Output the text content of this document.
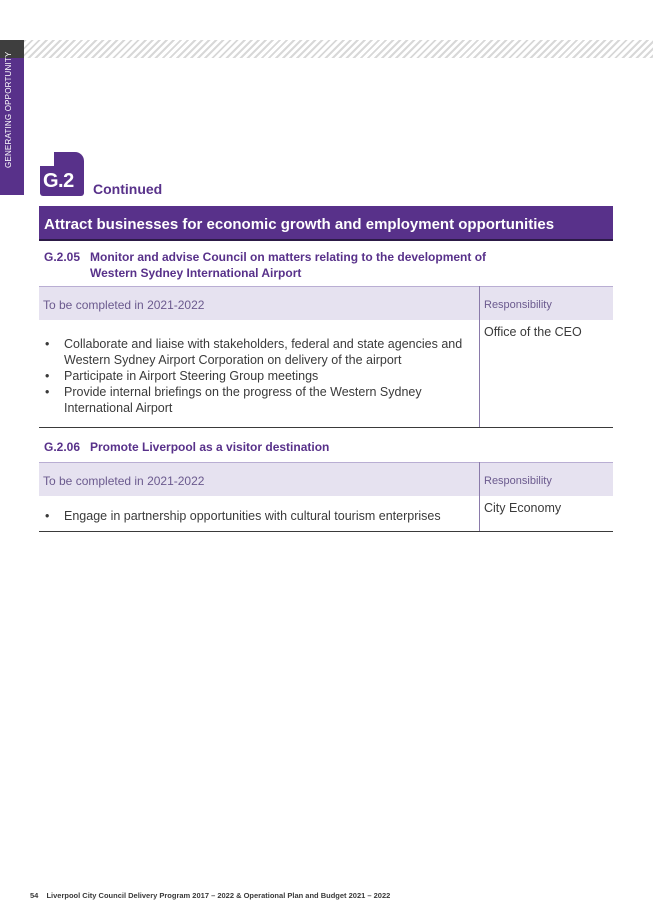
GENERATING OPPORTUNITY
G.2 Continued
Attract businesses for economic growth and employment opportunities
G.2.05 Monitor and advise Council on matters relating to the development of Western Sydney International Airport
To be completed in 2021-2022	Responsibility
• Collaborate and liaise with stakeholders, federal and state agencies and Western Sydney Airport Corporation on delivery of the airport
• Participate in Airport Steering Group meetings
• Provide internal briefings on the progress of the Western Sydney International Airport
Office of the CEO
G.2.06 Promote Liverpool as a visitor destination
To be completed in 2021-2022	Responsibility
• Engage in partnership opportunities with cultural tourism enterprises
City Economy
54 Liverpool City Council Delivery Program 2017 – 2022 & Operational Plan and Budget 2021 – 2022
